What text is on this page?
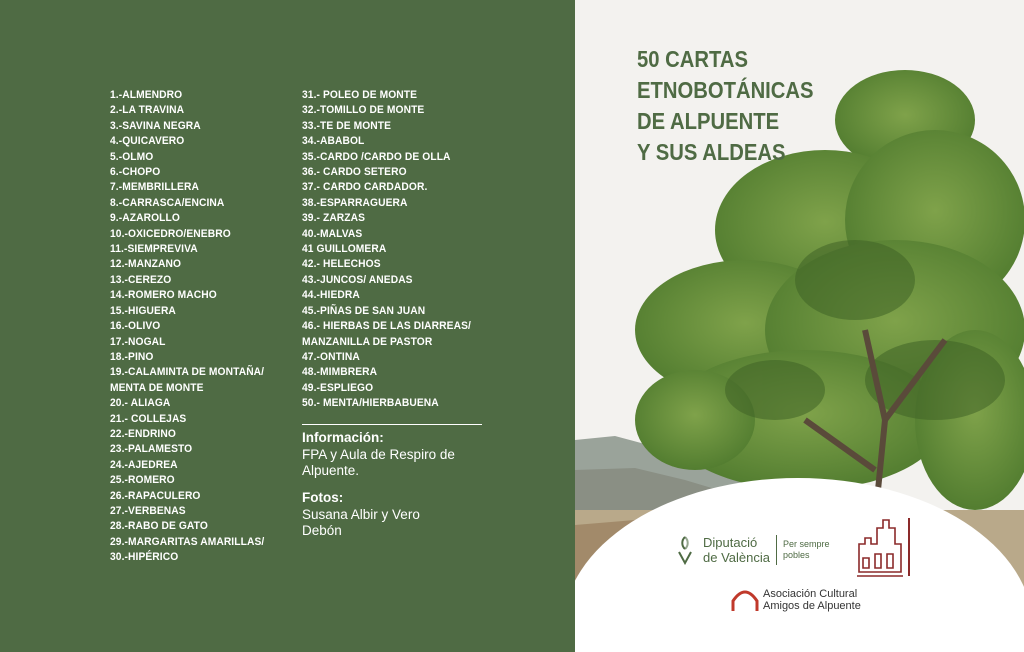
1.-ALMENDRO
2.-LA TRAVINA
3.-SAVINA NEGRA
4.-QUICAVERO
5.-OLMO
6.-CHOPO
7.-MEMBRILLERA
8.-CARRASCA/ENCINA
9.-AZAROLLO
10.-OXICEDRO/ENEBRO
11.-SIEMPREVIVA
12.-MANZANO
13.-CEREZO
14.-ROMERO MACHO
15.-HIGUERA
16.-OLIVO
17.-NOGAL
18.-PINO
19.-CALAMINTA DE MONTAÑA/
MENTA DE MONTE
20.- ALIAGA
21.- COLLEJAS
22.-ENDRINO
23.-PALAMESTO
24.-AJEDREA
25.-ROMERO
26.-RAPACULERO
27.-VERBENAS
28.-RABO DE GATO
29.-MARGARITAS AMARILLAS/
30.-HIPÉRICO
31.- POLEO DE MONTE
32.-TOMILLO DE MONTE
33.-TE DE MONTE
34.-ABABOL
35.-CARDO /CARDO DE OLLA
36.- CARDO SETERO
37.- CARDO CARDADOR.
38.-ESPARRAGUERA
39.- ZARZAS
40.-MALVAS
41 GUILLOMERA
42.- HELECHOS
43.-JUNCOS/ ANEDAS
44.-HIEDRA
45.-PIÑAS DE SAN JUAN
46.- HIERBAS DE LAS DIARREAS/
MANZANILLA DE PASTOR
47.-ONTINA
48.-MIMBRERA
49.-ESPLIEGO
50.- MENTA/HIERBABUENA
Información:
FPA y Aula de Respiro de Alpuente.
Fotos:
Susana Albir y Vero Debón
50 CARTAS
ETNOBOTÁNICAS
DE ALPUENTE
Y SUS ALDEAS
Diputació
de València
Per sempre
pobles
Asociación Cultural
Amigos de Alpuente
